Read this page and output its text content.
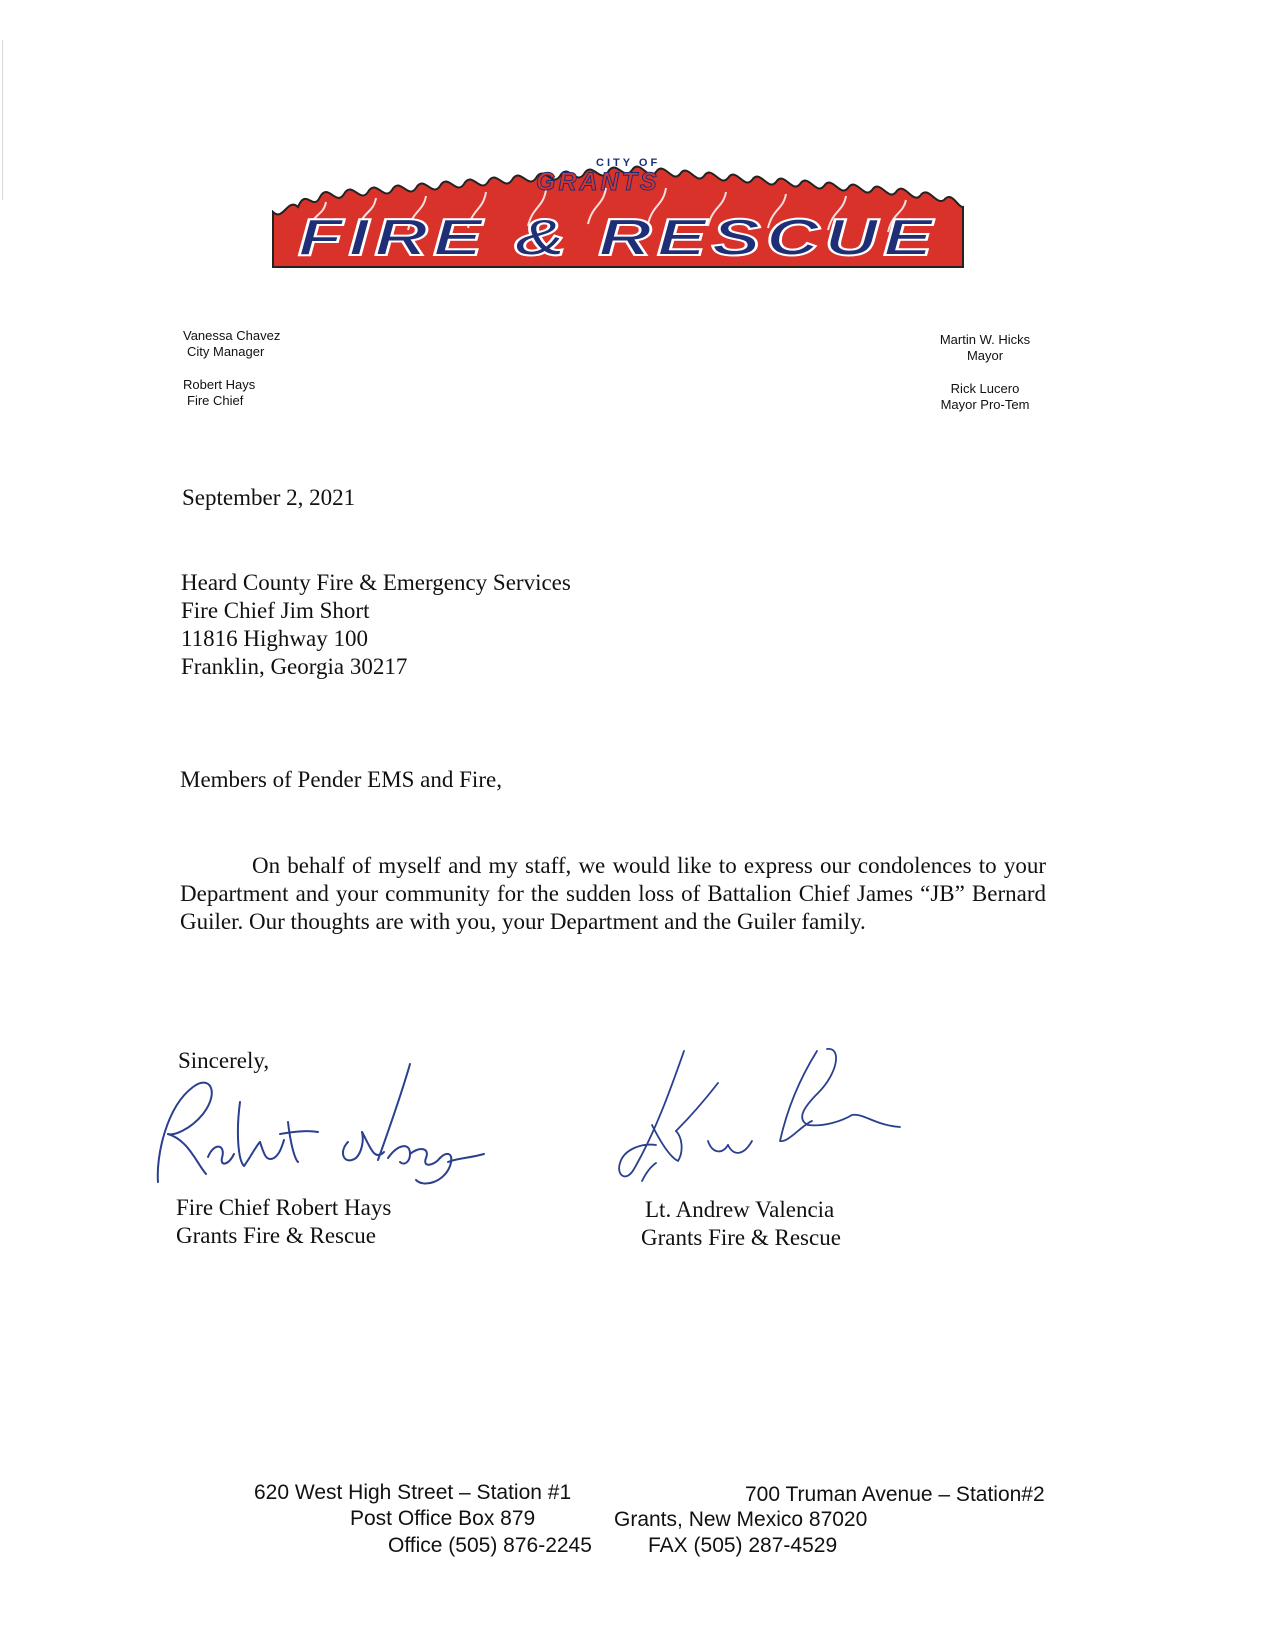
CITY OF
GRANTS
FIRE & RESCUE
Vanessa Chavez
City Manager
Robert Hays
Fire Chief
Martin W. Hicks
Mayor
Rick Lucero
Mayor Pro-Tem
September 2, 2021
Heard County Fire & Emergency Services
Fire Chief Jim Short
11816 Highway 100
Franklin, Georgia 30217
Members of Pender EMS and Fire,
On behalf of myself and my staff, we would like to express our condolences to your Department and your community for the sudden loss of Battalion Chief James “JB” Bernard Guiler. Our thoughts are with you, your Department and the Guiler family.
Sincerely,
Fire Chief Robert Hays
Grants Fire & Rescue
Lt. Andrew Valencia
Grants Fire & Rescue
620 West High Street – Station #1	700 Truman Avenue – Station#2
Post Office Box 879	Grants, New Mexico 87020
Office (505) 876-2245	FAX (505) 287-4529
